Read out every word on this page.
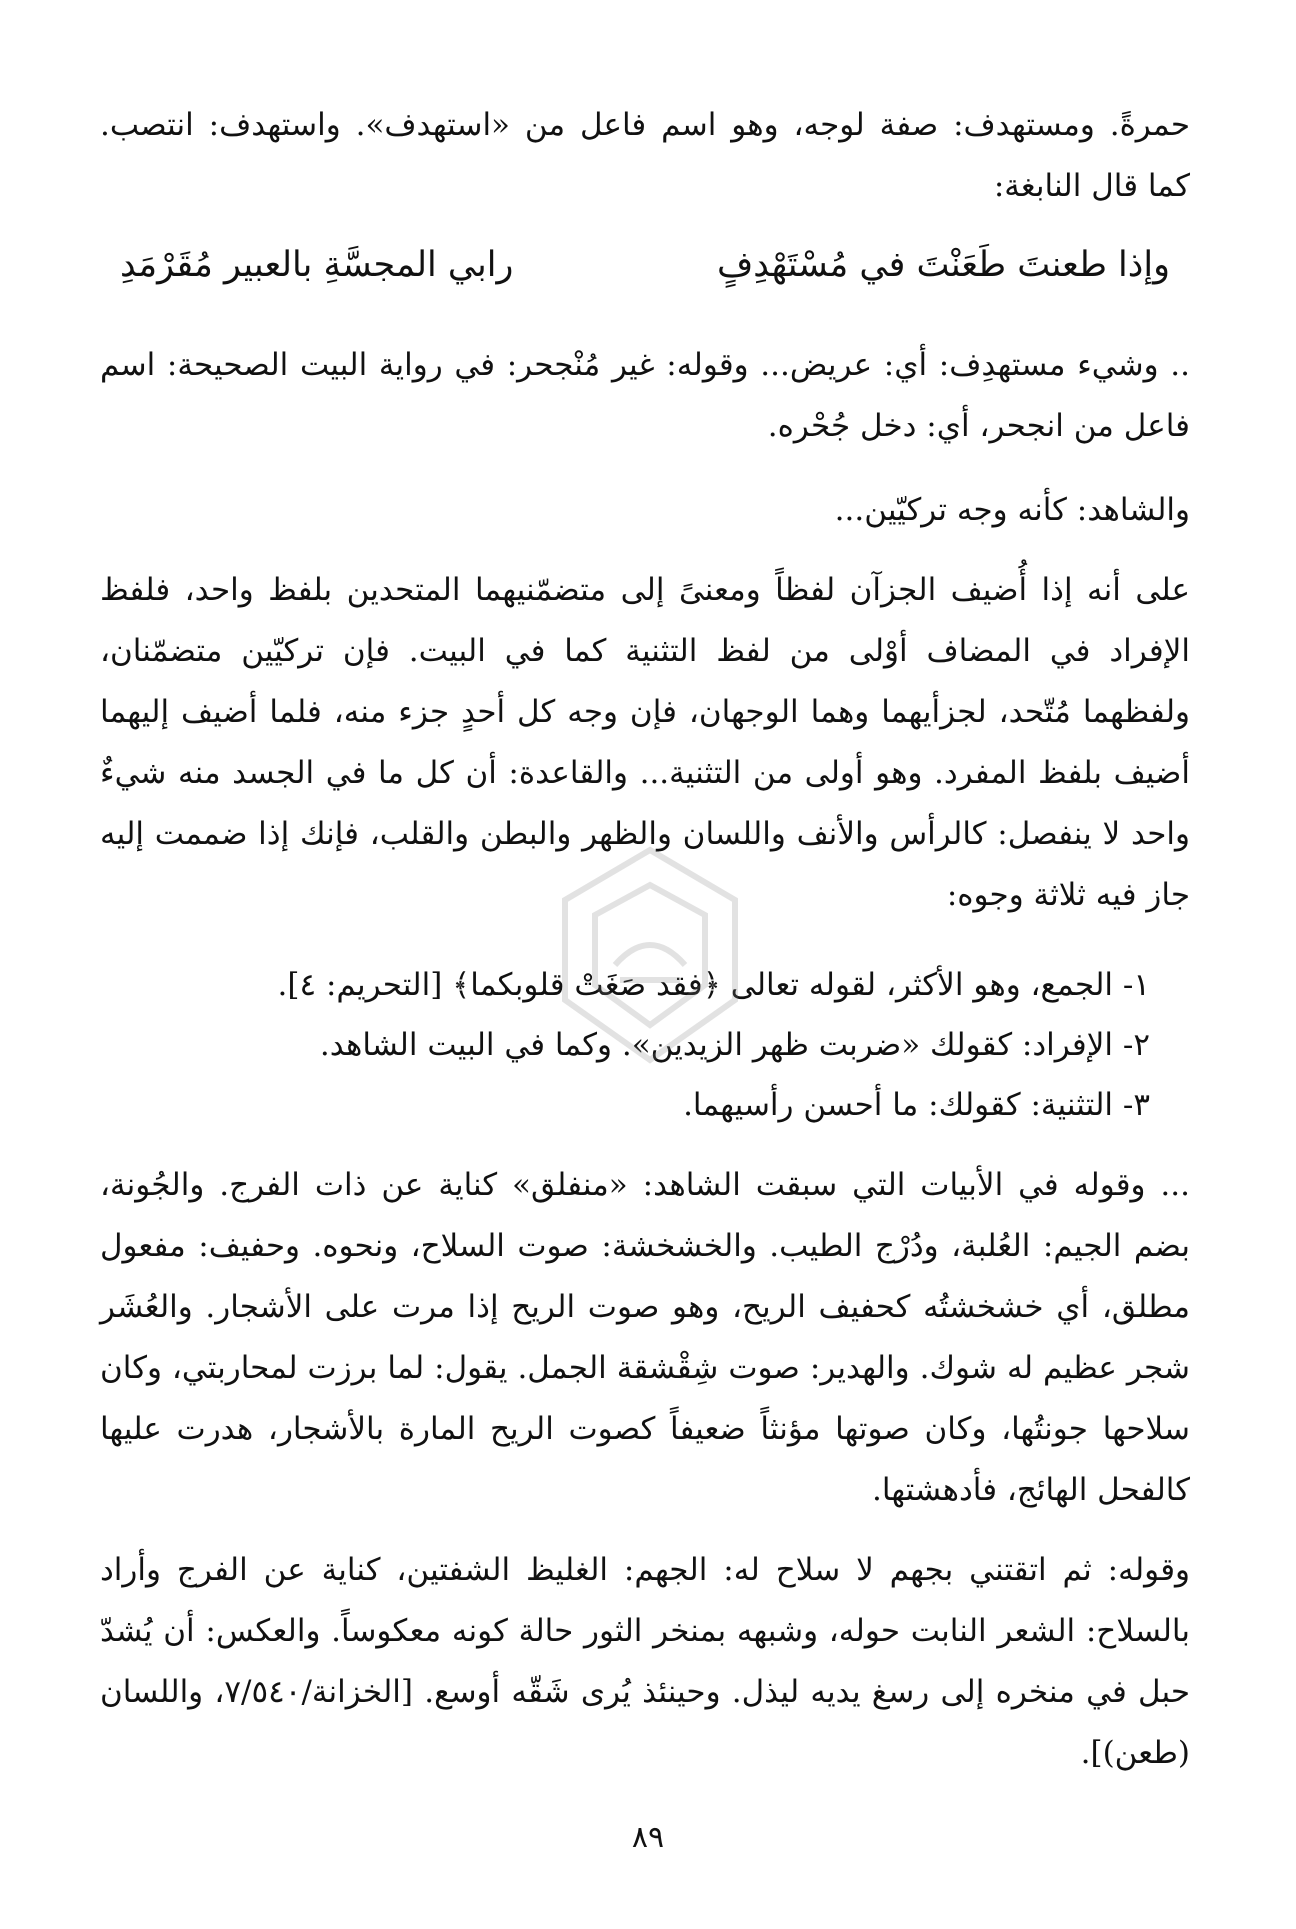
حمرةً. ومستهدف: صفة لوجه، وهو اسم فاعل من «استهدف». واستهدف: انتصب. كما قال النابغة:

وإذا طعنتَ طَعَنْتَ في مُسْتَهْدِفٍ
رابي المجسَّةِ بالعبير مُقَرْمَدِ

.. وشيء مستهدِف: أي: عريض... وقوله: غير مُنْجحر: في رواية البيت الصحيحة: اسم فاعل من انجحر، أي: دخل جُحْره.

والشاهد: كأنه وجه تركيّين...

على أنه إذا أُضيف الجزآن لفظاً ومعنىً إلى متضمّنيهما المتحدين بلفظ واحد، فلفظ الإفراد في المضاف أوْلى من لفظ التثنية كما في البيت. فإن تركيّين متضمّنان، ولفظهما مُتّحد، لجزأيهما وهما الوجهان، فإن وجه كل أحدٍ جزء منه، فلما أضيف إليهما أضيف بلفظ المفرد. وهو أولى من التثنية... والقاعدة: أن كل ما في الجسد منه شيءٌ واحد لا ينفصل: كالرأس والأنف واللسان والظهر والبطن والقلب، فإنك إذا ضممت إليه جاز فيه ثلاثة وجوه:

١- الجمع، وهو الأكثر، لقوله تعالى ﴿فقد صَغَتْ قلوبكما﴾ [التحريم: ٤].
٢- الإفراد: كقولك «ضربت ظهر الزيدين». وكما في البيت الشاهد.
٣- التثنية: كقولك: ما أحسن رأسيهما.

... وقوله في الأبيات التي سبقت الشاهد: «منفلق» كناية عن ذات الفرج. والجُونة، بضم الجيم: العُلبة، ودُرْج الطيب. والخشخشة: صوت السلاح، ونحوه. وحفيف: مفعول مطلق، أي خشخشتُه كحفيف الريح، وهو صوت الريح إذا مرت على الأشجار. والعُشَر شجر عظيم له شوك. والهدير: صوت شِقْشقة الجمل. يقول: لما برزت لمحاربتي، وكان سلاحها جونتُها، وكان صوتها مؤنثاً ضعيفاً كصوت الريح المارة بالأشجار، هدرت عليها كالفحل الهائج، فأدهشتها.

وقوله: ثم اتقتني بجهم لا سلاح له: الجهم: الغليظ الشفتين، كناية عن الفرج وأراد بالسلاح: الشعر النابت حوله، وشبهه بمنخر الثور حالة كونه معكوساً. والعكس: أن يُشدّ حبل في منخره إلى رسغ يديه ليذل. وحينئذ يُرى شَقّه أوسع. [الخزانة/٧/٥٤٠، واللسان (طعن)].

٨٩
